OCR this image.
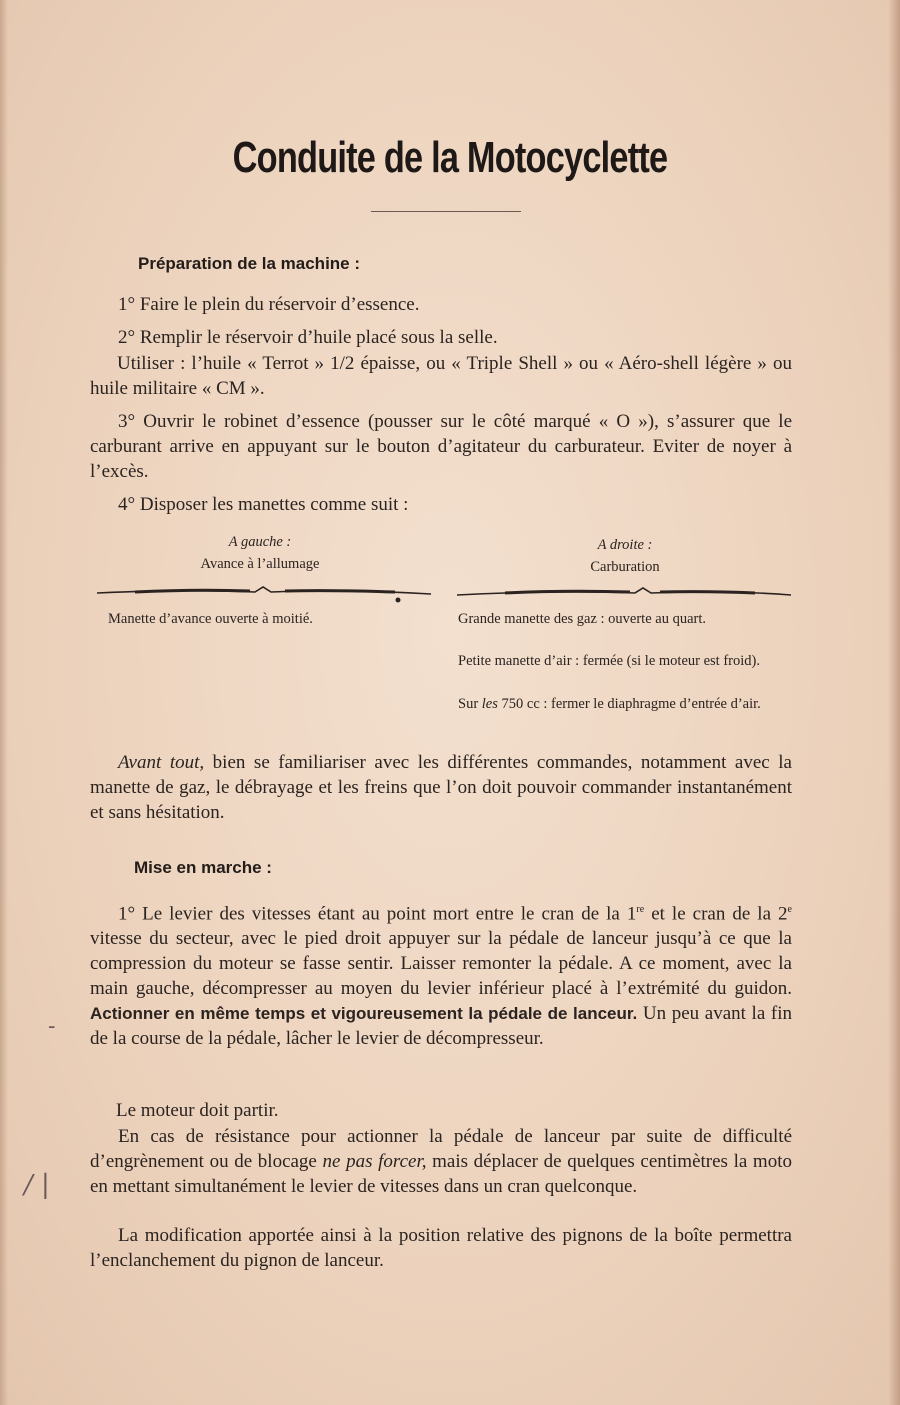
Conduite de la Motocyclette
Préparation de la machine :

1° Faire le plein du réservoir d’essence.

2° Remplir le réservoir d’huile placé sous la selle.

Utiliser : l’huile « Terrot » 1/2 épaisse, ou « Triple Shell » ou « Aéro-shell légère » ou huile militaire « CM ».

3° Ouvrir le robinet d’essence (pousser sur le côté marqué « O »), s’assurer que le carburant arrive en appuyant sur le bouton d’agitateur du carburateur. Eviter de noyer à l’excès.

4° Disposer les manettes comme suit :

A gauche :
Avance à l’allumage
A droite :
Carburation

Manette d’avance ouverte à moitié.	Grande manette des gaz : ouverte au quart.

Petite manette d’air : fermée (si le moteur est froid).

Sur les 750 cc : fermer le diaphragme d’entrée d’air.

Avant tout, bien se familiariser avec les différentes commandes, notamment avec la manette de gaz, le débrayage et les freins que l’on doit pouvoir commander instantanément et sans hésitation.

Mise en marche :

1° Le levier des vitesses étant au point mort entre le cran de la 1re et le cran de la 2e vitesse du secteur, avec le pied droit appuyer sur la pédale de lanceur jusqu’à ce que la compression du moteur se fasse sentir. Laisser remonter la pédale. A ce moment, avec la main gauche, décompresser au moyen du levier inférieur placé à l’extrémité du guidon. Actionner en même temps et vigoureusement la pédale de lanceur. Un peu avant la fin de la course de la pédale, lâcher le levier de décompresseur.

Le moteur doit partir.

En cas de résistance pour actionner la pédale de lanceur par suite de difficulté d’engrènement ou de blocage ne pas forcer, mais déplacer de quelques centimètres la moto en mettant simultanément le levier de vitesses dans un cran quelconque.

La modification apportée ainsi à la position relative des pignons de la boîte permettra l’enclanchement du pignon de lanceur.

-
/ |
